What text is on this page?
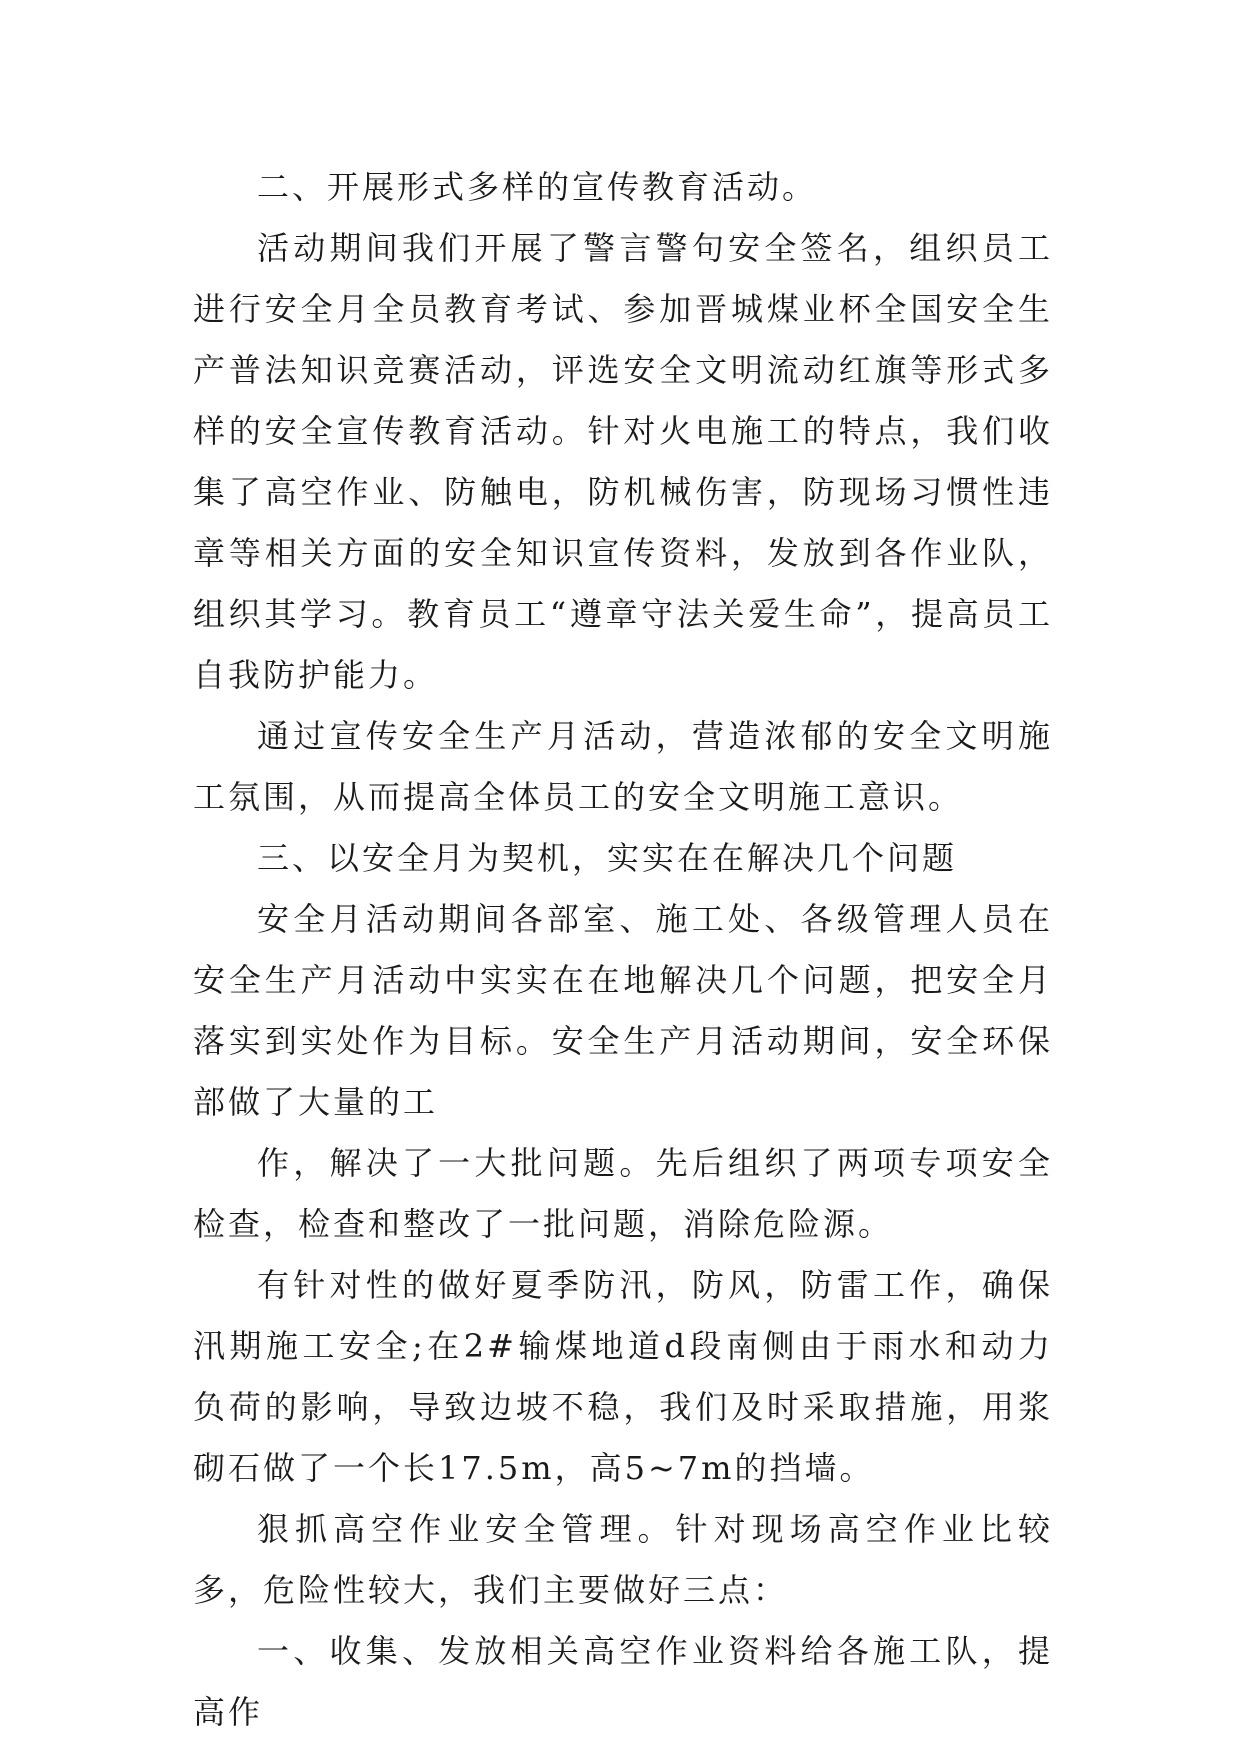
二、开展形式多样的宣传教育活动。

活动期间我们开展了警言警句安全签名，组织员工进行安全月全员教育考试、参加晋城煤业杯全国安全生产普法知识竞赛活动，评选安全文明流动红旗等形式多样的安全宣传教育活动。针对火电施工的特点，我们收集了高空作业、防触电，防机械伤害，防现场习惯性违章等相关方面的安全知识宣传资料，发放到各作业队，组织其学习。教育员工“遵章守法关爱生命”，提高员工自我防护能力。

通过宣传安全生产月活动，营造浓郁的安全文明施工氛围，从而提高全体员工的安全文明施工意识。

三、以安全月为契机，实实在在解决几个问题

安全月活动期间各部室、施工处、各级管理人员在安全生产月活动中实实在在地解决几个问题，把安全月落实到实处作为目标。安全生产月活动期间，安全环保部做了大量的工

作，解决了一大批问题。先后组织了两项专项安全检查，检查和整改了一批问题，消除危险源。

有针对性的做好夏季防汛，防风，防雷工作，确保汛期施工安全;在2#输煤地道d段南侧由于雨水和动力负荷的影响，导致边坡不稳，我们及时采取措施，用浆砌石做了一个长17.5m，高5~7m的挡墙。

狠抓高空作业安全管理。针对现场高空作业比较多，危险性较大，我们主要做好三点：

一、收集、发放相关高空作业资料给各施工队，提高作
